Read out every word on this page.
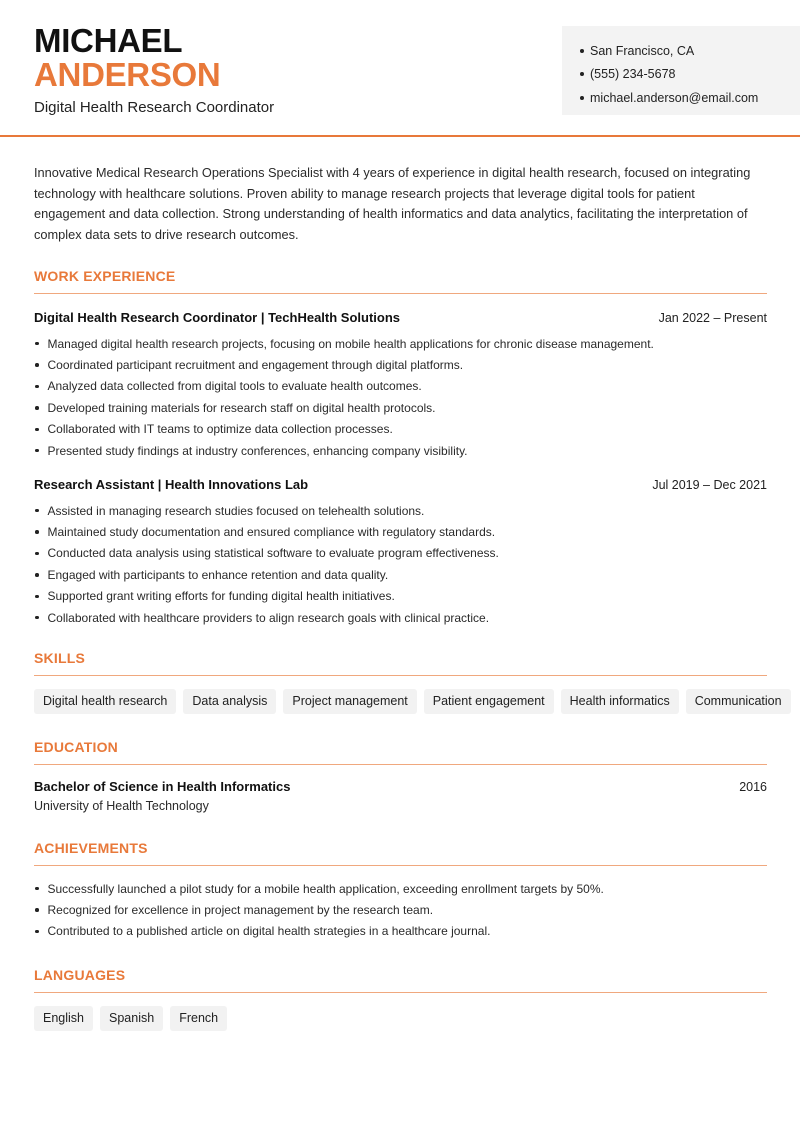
MICHAEL
ANDERSON
Digital Health Research Coordinator
San Francisco, CA
(555) 234-5678
michael.anderson@email.com
Innovative Medical Research Operations Specialist with 4 years of experience in digital health research, focused on integrating technology with healthcare solutions. Proven ability to manage research projects that leverage digital tools for patient engagement and data collection. Strong understanding of health informatics and data analytics, facilitating the interpretation of complex data sets to drive research outcomes.
WORK EXPERIENCE
Digital Health Research Coordinator | TechHealth Solutions	Jan 2022 – Present
Managed digital health research projects, focusing on mobile health applications for chronic disease management.
Coordinated participant recruitment and engagement through digital platforms.
Analyzed data collected from digital tools to evaluate health outcomes.
Developed training materials for research staff on digital health protocols.
Collaborated with IT teams to optimize data collection processes.
Presented study findings at industry conferences, enhancing company visibility.
Research Assistant | Health Innovations Lab	Jul 2019 – Dec 2021
Assisted in managing research studies focused on telehealth solutions.
Maintained study documentation and ensured compliance with regulatory standards.
Conducted data analysis using statistical software to evaluate program effectiveness.
Engaged with participants to enhance retention and data quality.
Supported grant writing efforts for funding digital health initiatives.
Collaborated with healthcare providers to align research goals with clinical practice.
SKILLS
Digital health research	Data analysis	Project management	Patient engagement	Health informatics	Communication
EDUCATION
Bachelor of Science in Health Informatics	2016
University of Health Technology
ACHIEVEMENTS
Successfully launched a pilot study for a mobile health application, exceeding enrollment targets by 50%.
Recognized for excellence in project management by the research team.
Contributed to a published article on digital health strategies in a healthcare journal.
LANGUAGES
English	Spanish	French
